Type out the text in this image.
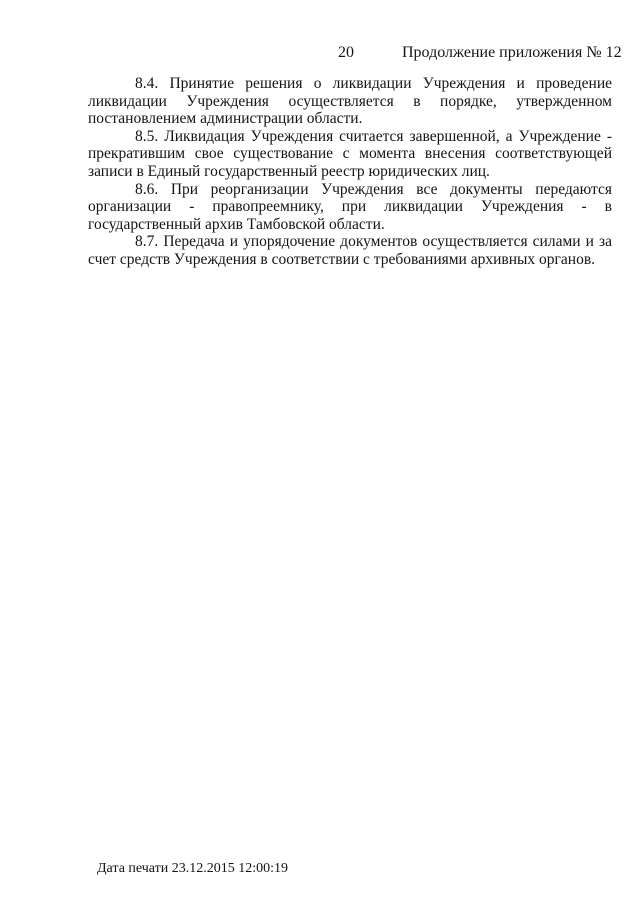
20	Продолжение приложения № 12

8.4. Принятие решения о ликвидации Учреждения и проведение ликвидации Учреждения осуществляется в порядке, утвержденном постановлением администрации области.

8.5. Ликвидация Учреждения считается завершенной, а Учреждение - прекратившим свое существование с момента внесения соответствующей записи в Единый государственный реестр юридических лиц.

8.6. При реорганизации Учреждения все документы передаются организации - правопреемнику, при ликвидации Учреждения - в государственный архив Тамбовской области.

8.7. Передача и упорядочение документов осуществляется силами и за счет средств Учреждения в соответствии с требованиями архивных органов.

Дата печати 23.12.2015 12:00:19
